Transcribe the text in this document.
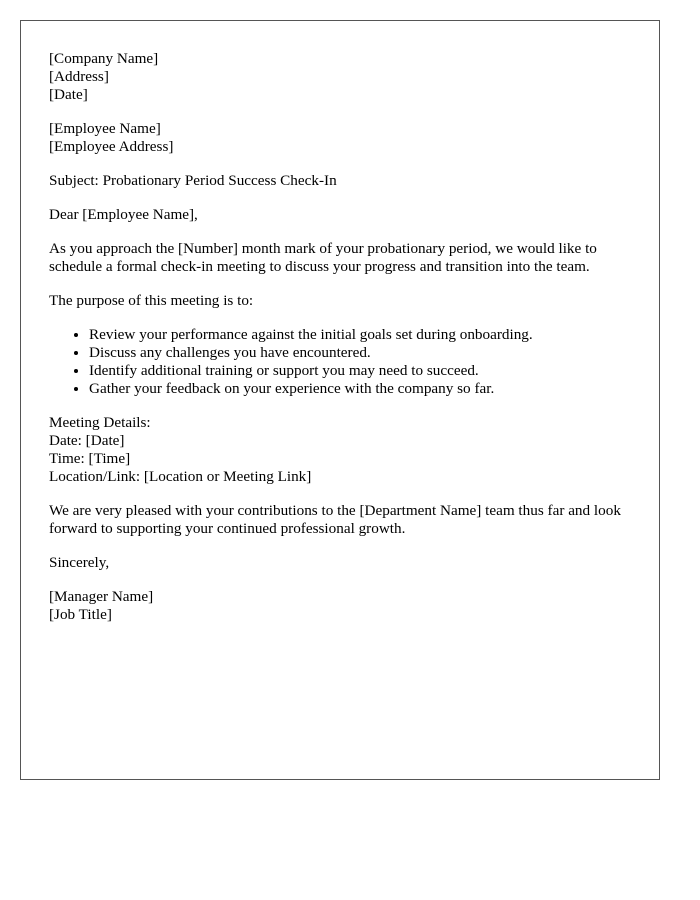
[Company Name]
[Address]
[Date]
[Employee Name]
[Employee Address]

Subject: Probationary Period Success Check-In

Dear [Employee Name],

As you approach the [Number] month mark of your probationary period, we would like to schedule a formal check-in meeting to discuss your progress and transition into the team.

The purpose of this meeting is to:

• Review your performance against the initial goals set during onboarding.
• Discuss any challenges you have encountered.
• Identify additional training or support you may need to succeed.
• Gather your feedback on your experience with the company so far.
Meeting Details:
Date: [Date]
Time: [Time]
Location/Link: [Location or Meeting Link]

We are very pleased with your contributions to the [Department Name] team thus far and look forward to supporting your continued professional growth.

Sincerely,

[Manager Name]
[Job Title]
